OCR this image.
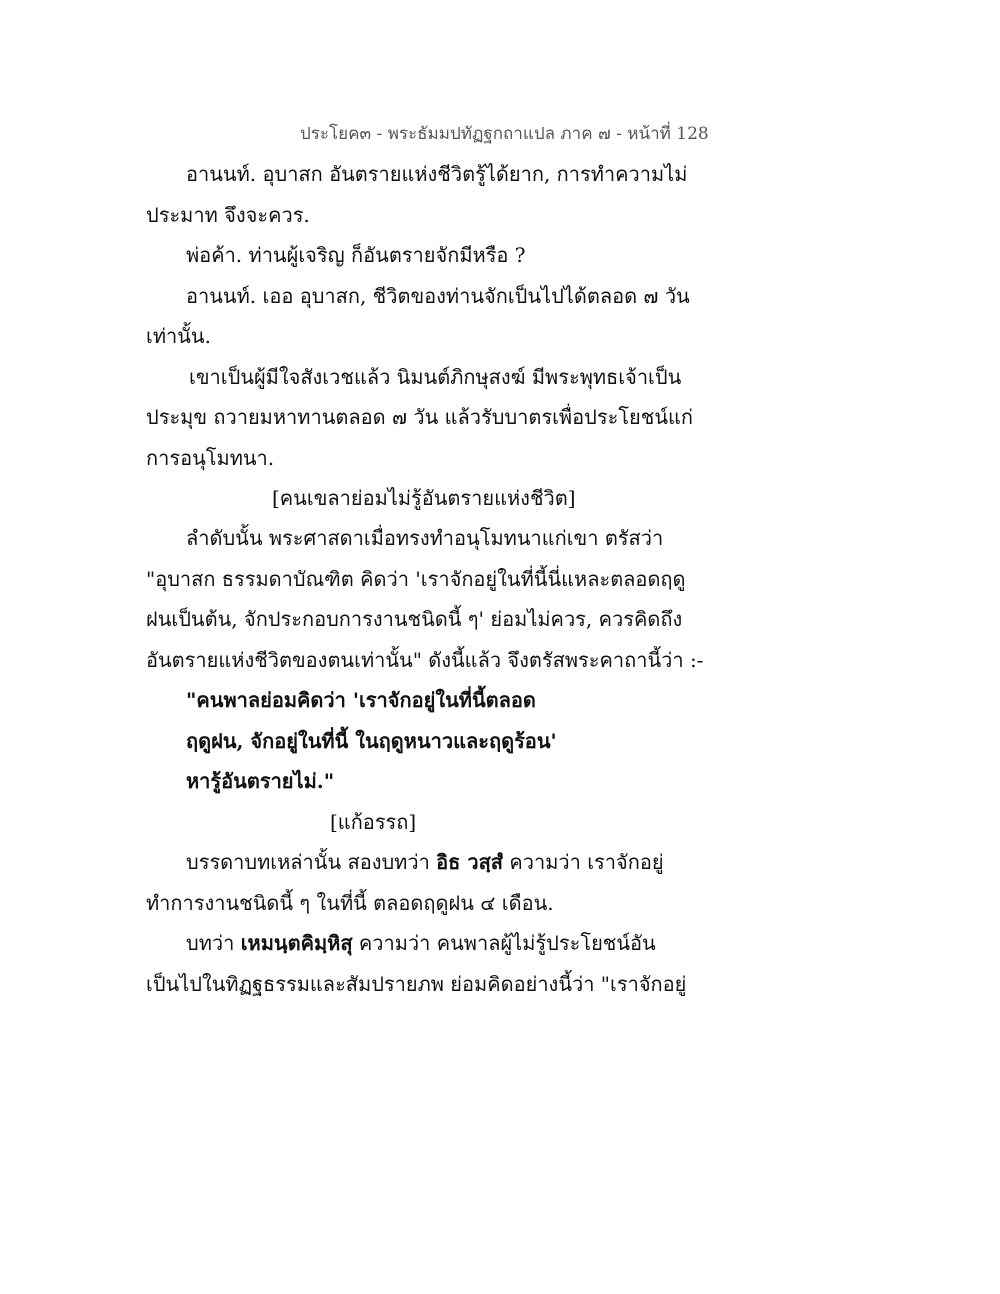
ประโยค๓ - พระธัมมปทัฏฐกถาแปล ภาค ๗ - หน้าที่ 128
อานนท์. อุบาสก อันตรายแห่งชีวิตรู้ได้ยาก, การทำความไม่
ประมาท จึงจะควร.
พ่อค้า. ท่านผู้เจริญ ก็อันตรายจักมีหรือ ?
อานนท์. เออ อุบาสก, ชีวิตของท่านจักเป็นไปได้ตลอด ๗ วัน
เท่านั้น.
เขาเป็นผู้มีใจสังเวชแล้ว นิมนต์ภิกษุสงฆ์ มีพระพุทธเจ้าเป็น
ประมุข ถวายมหาทานตลอด ๗ วัน แล้วรับบาตรเพื่อประโยชน์แก่
การอนุโมทนา.
[คนเขลาย่อมไม่รู้อันตรายแห่งชีวิต]
ลำดับนั้น พระศาสดาเมื่อทรงทำอนุโมทนาแก่เขา ตรัสว่า
"อุบาสก ธรรมดาบัณฑิต คิดว่า 'เราจักอยู่ในที่นี้นี่แหละตลอดฤดู
ฝนเป็นต้น, จักประกอบการงานชนิดนี้ ๆ' ย่อมไม่ควร, ควรคิดถึง
อันตรายแห่งชีวิตของตนเท่านั้น" ดังนี้แล้ว จึงตรัสพระคาถานี้ว่า :-
"คนพาลย่อมคิดว่า 'เราจักอยู่ในที่นี้ตลอด
ฤดูฝน, จักอยู่ในที่นี้ ในฤดูหนาวและฤดูร้อน'
หารู้อันตรายไม่."
[แก้อรรถ]
บรรดาบทเหล่านั้น สองบทว่า อิธ วสฺสํ ความว่า เราจักอยู่
ทำการงานชนิดนี้ ๆ ในที่นี้ ตลอดฤดูฝน ๔ เดือน.
บทว่า เหมนฺตคิมฺหิสุ ความว่า คนพาลผู้ไม่รู้ประโยชน์อัน
เป็นไปในทิฏฐธรรมและสัมปรายภพ ย่อมคิดอย่างนี้ว่า "เราจักอยู่
